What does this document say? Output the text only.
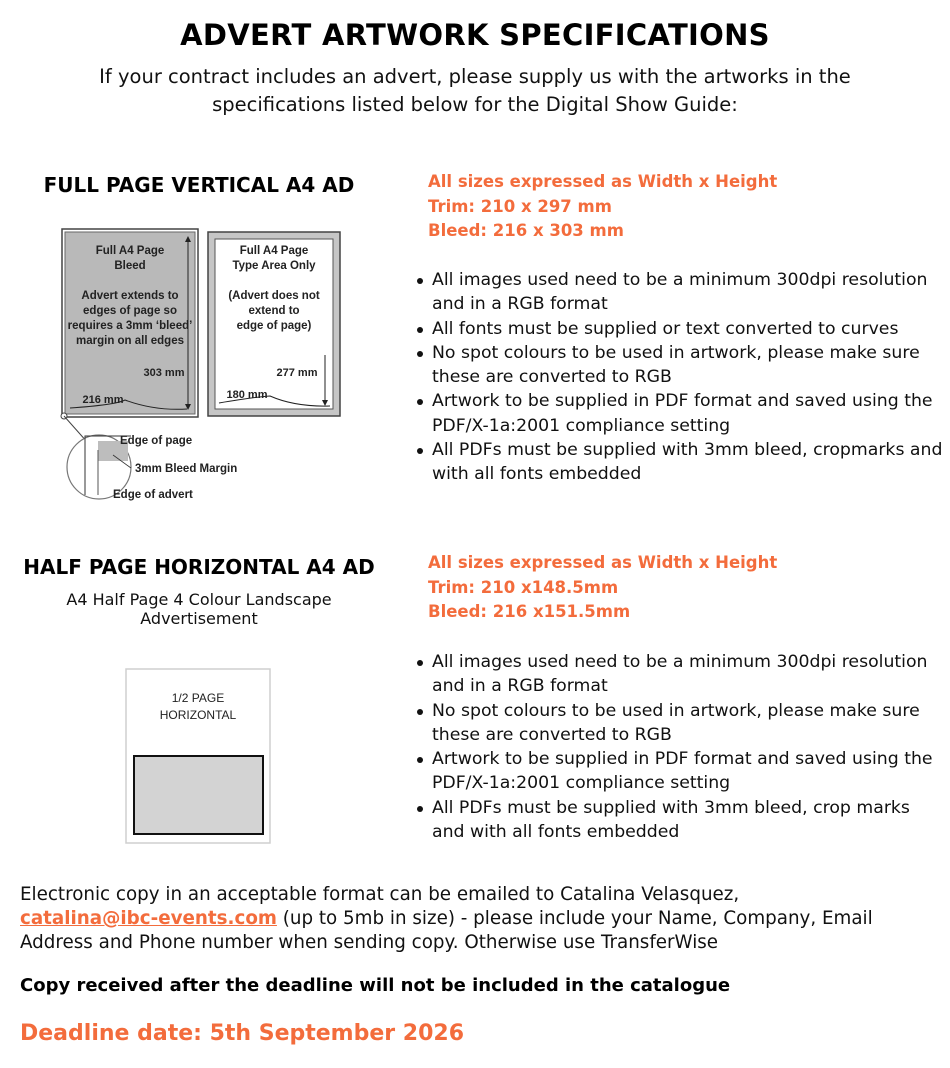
ADVERT ARTWORK SPECIFICATIONS
If your contract includes an advert, please supply us with the artworks in the specifications listed below for the Digital Show Guide:
FULL PAGE VERTICAL A4 AD	All sizes expressed as Width x Height
Trim: 210 x 297 mm
Bleed: 216 x 303 mm
All images used need to be a minimum 300dpi resolution and in a RGB format
All fonts must be supplied or text converted to curves
No spot colours to be used in artwork, please make sure these are converted to RGB
Artwork to be supplied in PDF format and saved using the PDF/X-1a:2001 compliance setting
All PDFs must be supplied with 3mm bleed, cropmarks and with all fonts embedded
Full A4 Page
Bleed
Advert extends to
edges of page so
requires a 3mm ‘bleed’
margin on all edges
303 mm
216 mm
Full A4 Page
Type Area Only
(Advert does not
extend to
edge of page)
277 mm
180 mm
Edge of page
3mm Bleed Margin
Edge of advert
HALF PAGE HORIZONTAL A4 AD
A4 Half Page 4 Colour Landscape Advertisement
All sizes expressed as Width x Height
Trim: 210 x148.5mm
Bleed: 216 x151.5mm
All images used need to be a minimum 300dpi resolution and in a RGB format
No spot colours to be used in artwork, please make sure these are converted to RGB
Artwork to be supplied in PDF format and saved using the PDF/X-1a:2001 compliance setting
All PDFs must be supplied with 3mm bleed, crop marks and with all fonts embedded
1/2 PAGE
HORIZONTAL
Electronic copy in an acceptable format can be emailed to Catalina Velasquez,
catalina@ibc-events.com (up to 5mb in size) - please include your Name, Company, Email Address and Phone number when sending copy. Otherwise use TransferWise
Copy received after the deadline will not be included in the catalogue
Deadline date: 5th September 2026
